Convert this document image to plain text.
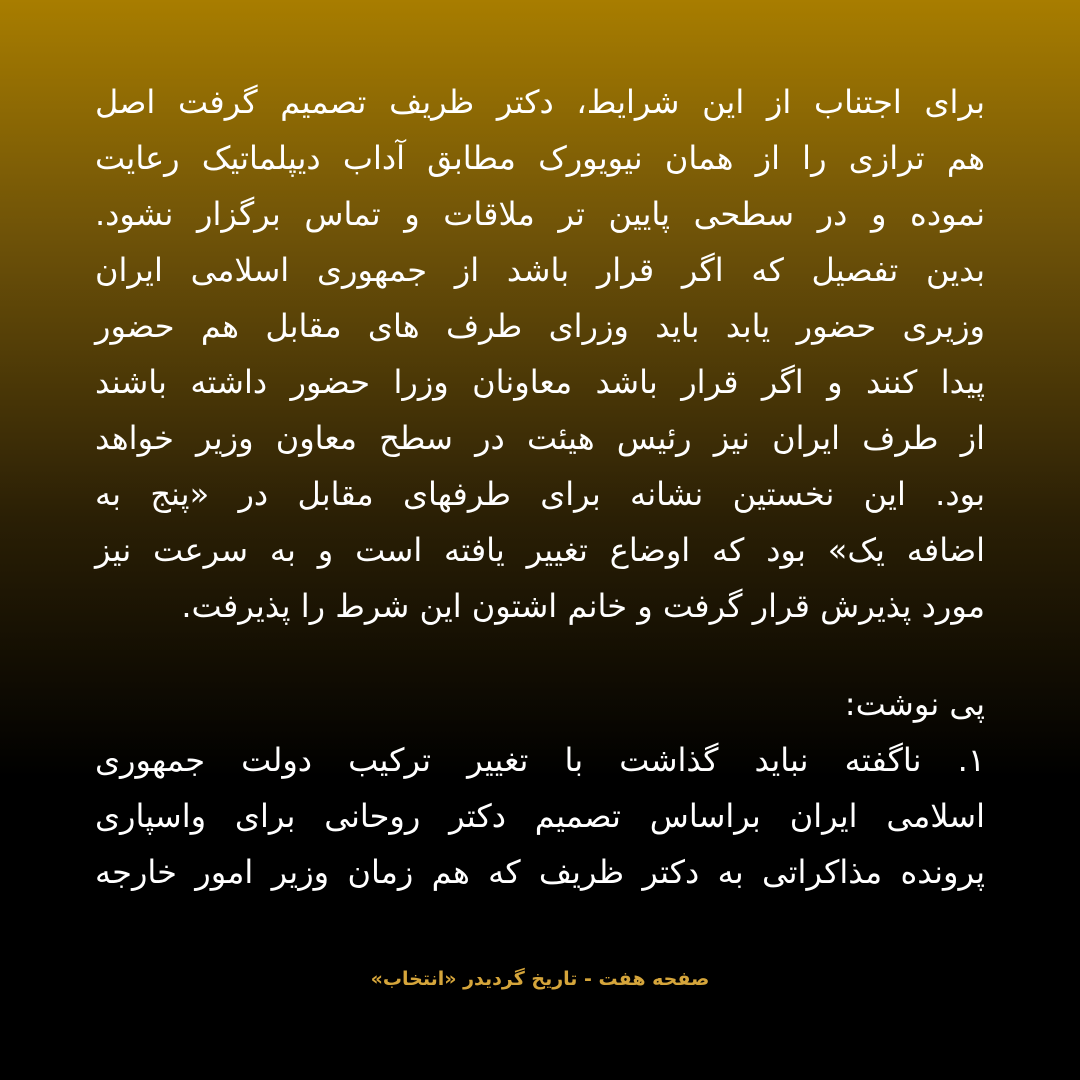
برای اجتناب از این شرایط، دکتر ظریف تصمیم گرفت اصل
هم ترازی را از همان نیویورک مطابق آداب دیپلماتیک رعایت
نموده و در سطحی پایین تر ملاقات و تماس برگزار نشود.
بدین تفصیل که اگر قرار باشد از جمهوری اسلامی ایران
وزیری حضور یابد باید وزرای طرف های مقابل هم حضور
پیدا کنند و اگر قرار باشد معاونان وزرا حضور داشته باشند
از طرف ایران نیز رئیس هیئت در سطح معاون وزیر خواهد
بود. این نخستین نشانه برای طرفهای مقابل در «پنج به
اضافه یک» بود که اوضاع تغییر یافته است و به سرعت نیز
مورد پذیرش قرار گرفت و خانم اشتون این شرط را پذیرفت.
پی نوشت:
۱. ناگفته نباید گذاشت با تغییر ترکیب دولت جمهوری
اسلامی ایران براساس تصمیم دکتر روحانی برای واسپاری
پرونده مذاکراتی به دکتر ظریف که هم زمان وزیر امور خارجه
صفحه هفت - تاریخ گردیدر «انتخاب»
